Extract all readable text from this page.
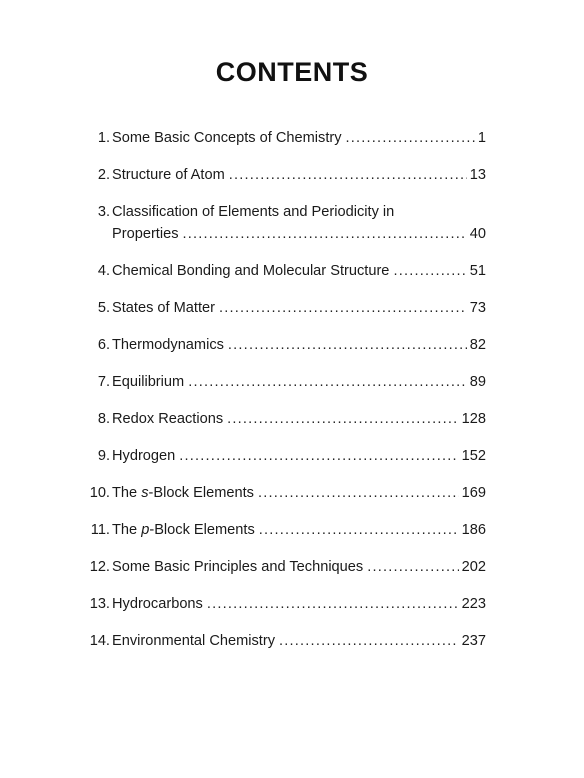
CONTENTS
1. Some Basic Concepts of Chemistry .....	1
2. Structure of Atom .....	13
3. Classification of Elements and Periodicity in
Properties .....	40
4. Chemical Bonding and Molecular Structure .....	51
5. States of Matter .....	73
6. Thermodynamics .....	82
7. Equilibrium .....	89
8. Redox Reactions .....	128
9. Hydrogen .....	152
10. The s-Block Elements .....	169
11. The p-Block Elements .....	186
12. Some Basic Principles and Techniques .....	202
13. Hydrocarbons .....	223
14. Environmental Chemistry .....	237
